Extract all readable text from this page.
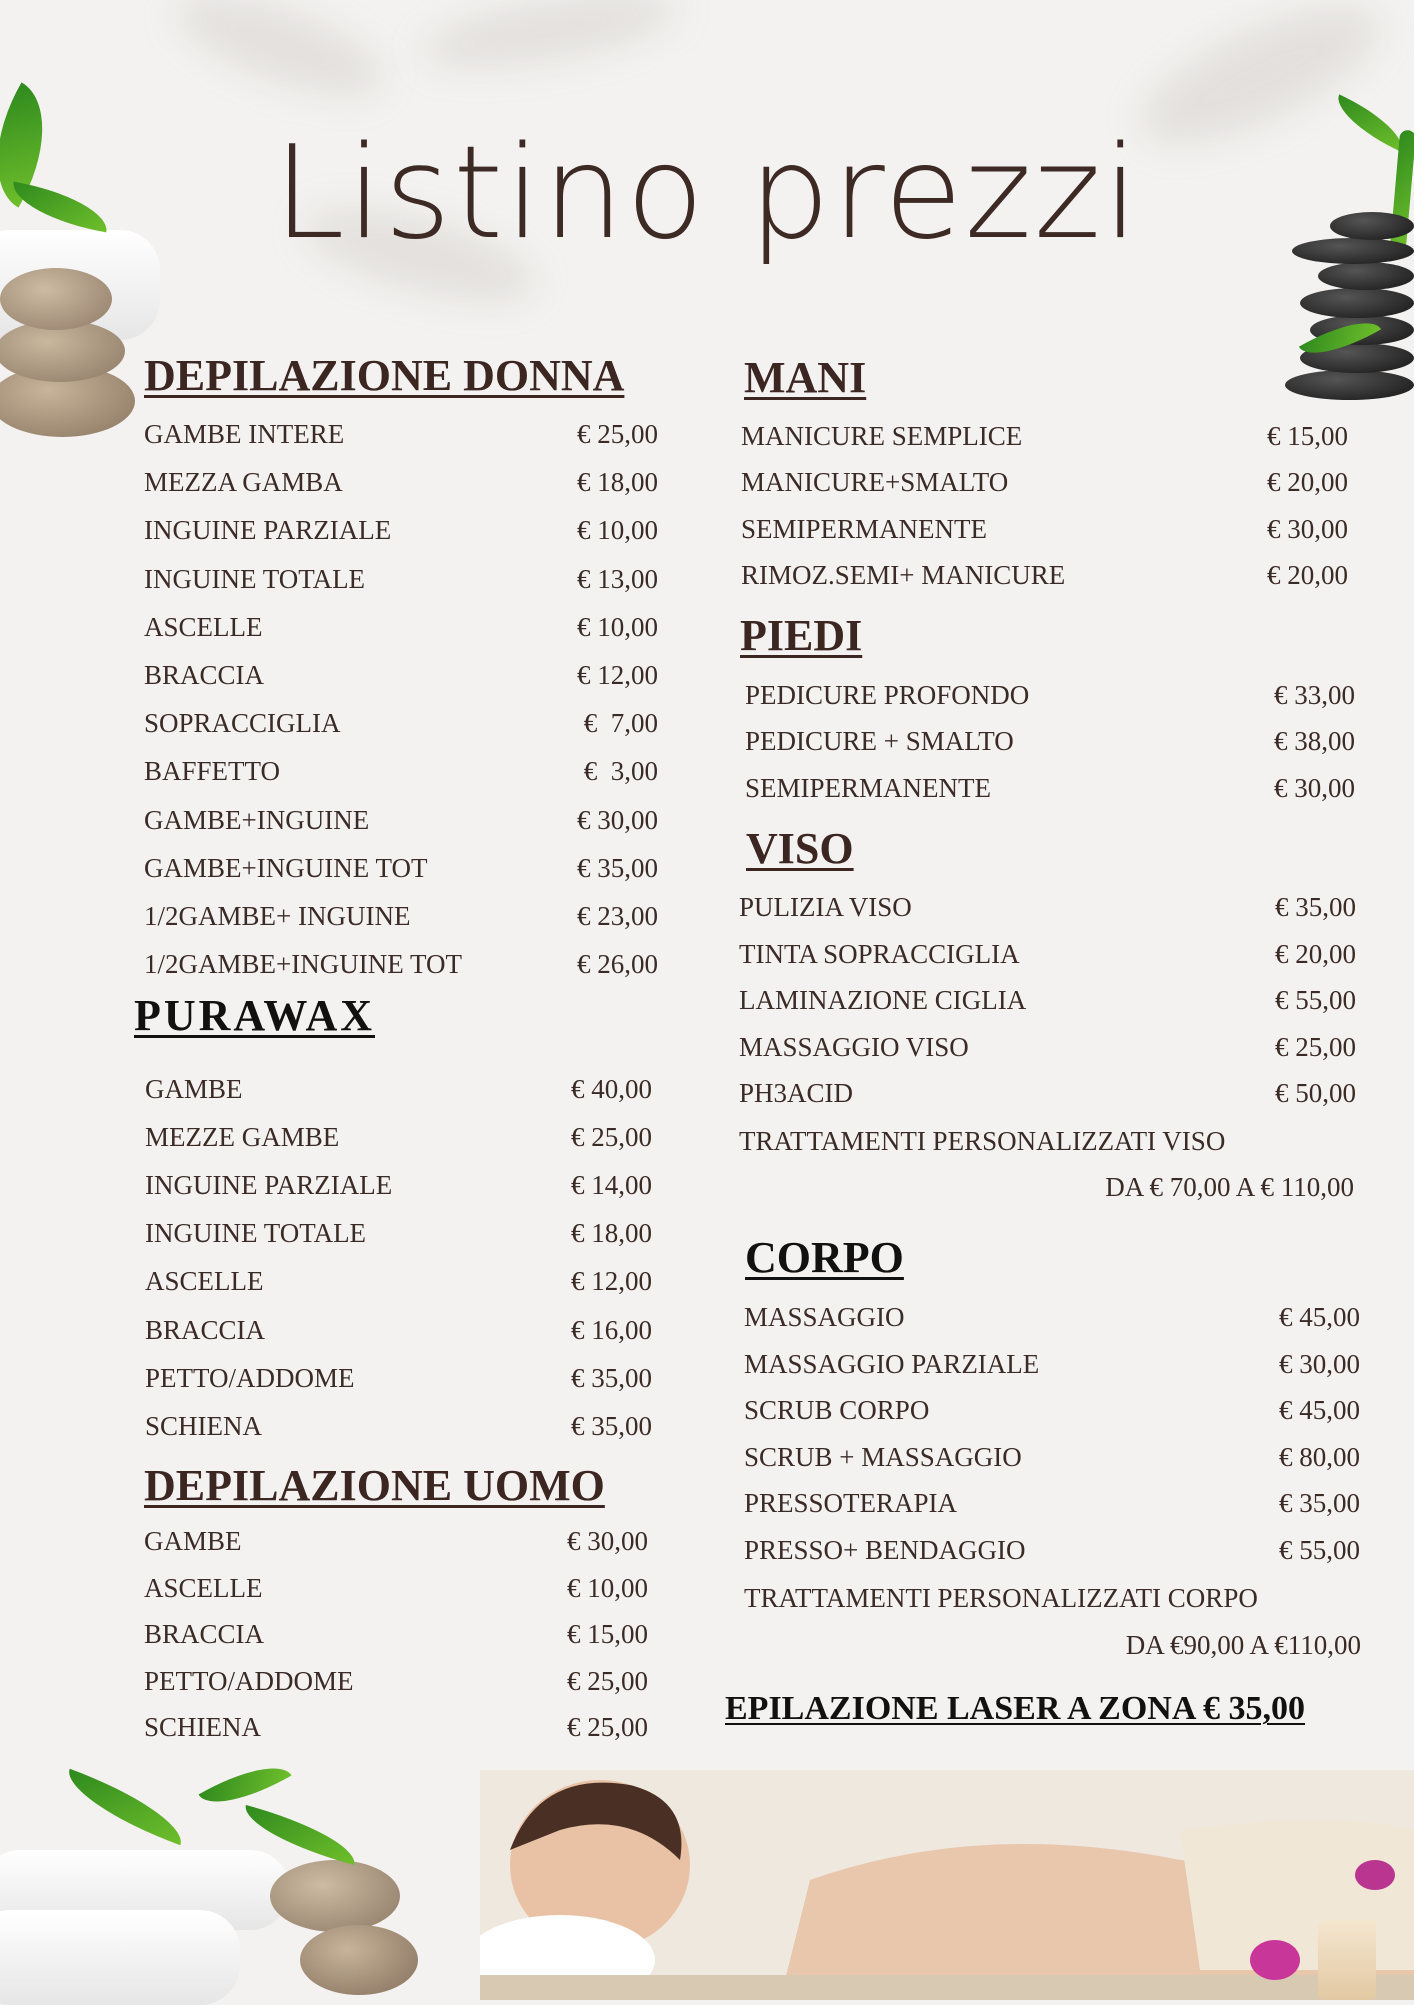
Listino prezzi
DEPILAZIONE DONNA
GAMBE INTERE	€ 25,00
MEZZA GAMBA	€ 18,00
INGUINE PARZIALE	€ 10,00
INGUINE TOTALE	€ 13,00
ASCELLE	€ 10,00
BRACCIA	€ 12,00
SOPRACCIGLIA	€  7,00
BAFFETTO	€  3,00
GAMBE+INGUINE	€ 30,00
GAMBE+INGUINE TOT	€ 35,00
1/2GAMBE+ INGUINE	€ 23,00
1/2GAMBE+INGUINE TOT	€ 26,00
PURAWAX
GAMBE	€ 40,00
MEZZE GAMBE	€ 25,00
INGUINE PARZIALE	€ 14,00
INGUINE TOTALE	€ 18,00
ASCELLE	€ 12,00
BRACCIA	€ 16,00
PETTO/ADDOME	€ 35,00
SCHIENA	€ 35,00
DEPILAZIONE UOMO
GAMBE	€ 30,00
ASCELLE	€ 10,00
BRACCIA	€ 15,00
PETTO/ADDOME	€ 25,00
SCHIENA	€ 25,00
MANI
MANICURE SEMPLICE	€ 15,00
MANICURE+SMALTO	€ 20,00
SEMIPERMANENTE	€ 30,00
RIMOZ.SEMI+ MANICURE	€ 20,00
PIEDI
PEDICURE PROFONDO	€ 33,00
PEDICURE + SMALTO	€ 38,00
SEMIPERMANENTE	€ 30,00
VISO
PULIZIA VISO	€ 35,00
TINTA SOPRACCIGLIA	€ 20,00
LAMINAZIONE CIGLIA	€ 55,00
MASSAGGIO VISO	€ 25,00
PH3ACID	€ 50,00
TRATTAMENTI PERSONALIZZATI VISO
DA € 70,00 A € 110,00
CORPO
MASSAGGIO	€ 45,00
MASSAGGIO PARZIALE	€ 30,00
SCRUB CORPO	€ 45,00
SCRUB + MASSAGGIO	€ 80,00
PRESSOTERAPIA	€ 35,00
PRESSO+ BENDAGGIO	€ 55,00
TRATTAMENTI PERSONALIZZATI CORPO
DA €90,00 A €110,00
EPILAZIONE LASER A ZONA € 35,00
